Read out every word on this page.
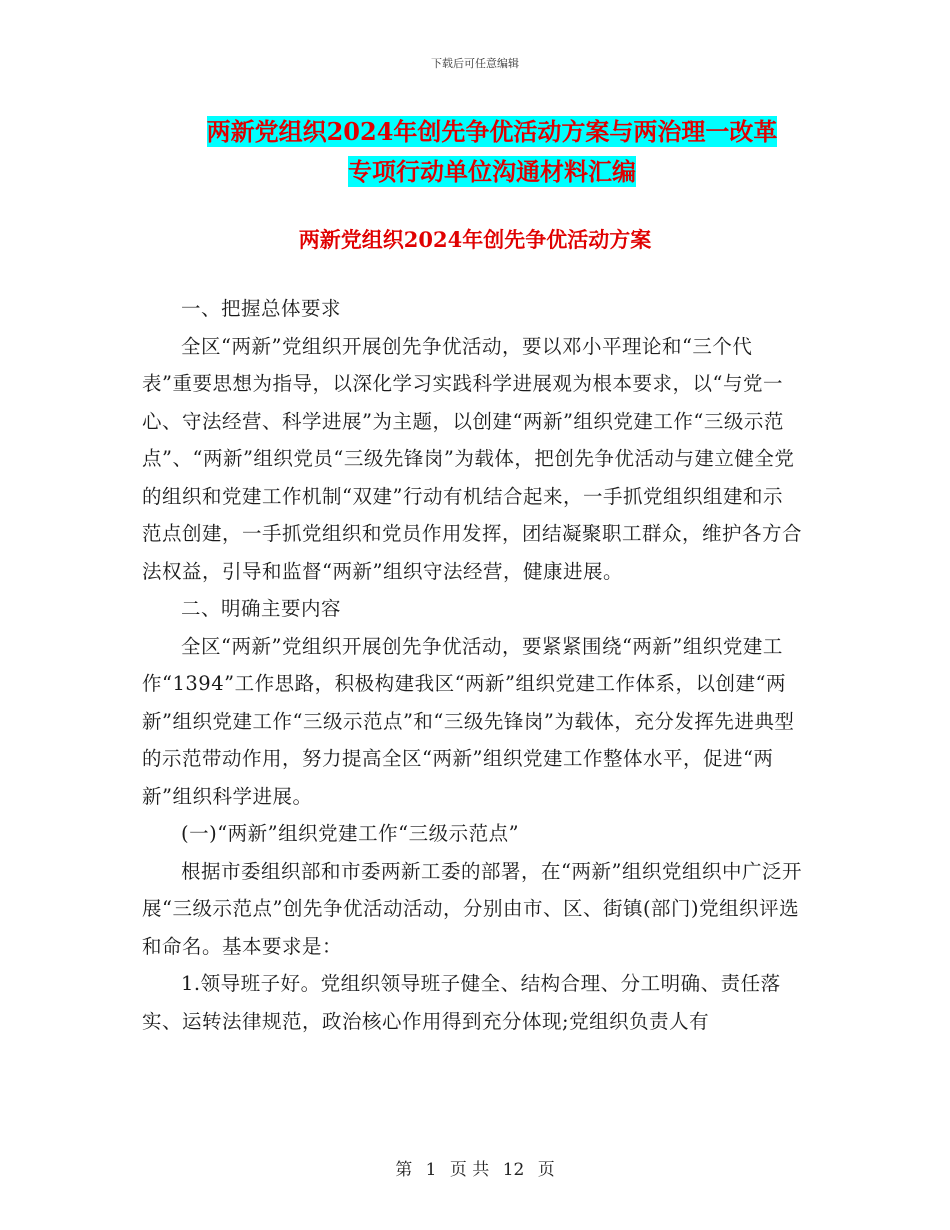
下载后可任意编辑
两新党组织2024年创先争优活动方案与两治理一改革
专项行动单位沟通材料汇编
两新党组织2024年创先争优活动方案

一、把握总体要求

全区“两新”党组织开展创先争优活动，要以邓小平理论和“三个代表”重要思想为指导，以深化学习实践科学进展观为根本要求，以“与党一心、守法经营、科学进展”为主题，以创建“两新”组织党建工作“三级示范点”、“两新”组织党员“三级先锋岗”为载体，把创先争优活动与建立健全党的组织和党建工作机制“双建”行动有机结合起来，一手抓党组织组建和示范点创建，一手抓党组织和党员作用发挥，团结凝聚职工群众，维护各方合法权益，引导和监督“两新”组织守法经营，健康进展。

二、明确主要内容

全区“两新”党组织开展创先争优活动，要紧紧围绕“两新”组织党建工作“1394”工作思路，积极构建我区“两新”组织党建工作体系，以创建“两新”组织党建工作“三级示范点”和“三级先锋岗”为载体，充分发挥先进典型的示范带动作用，努力提高全区“两新”组织党建工作整体水平，促进“两新”组织科学进展。

(一)“两新”组织党建工作“三级示范点”

根据市委组织部和市委两新工委的部署，在“两新”组织党组织中广泛开展“三级示范点”创先争优活动活动，分别由市、区、街镇(部门)党组织评选和命名。基本要求是：

1.领导班子好。党组织领导班子健全、结构合理、分工明确、责任落实、运转法律规范，政治核心作用得到充分体现;党组织负责人有

第 1 页 共 12 页
